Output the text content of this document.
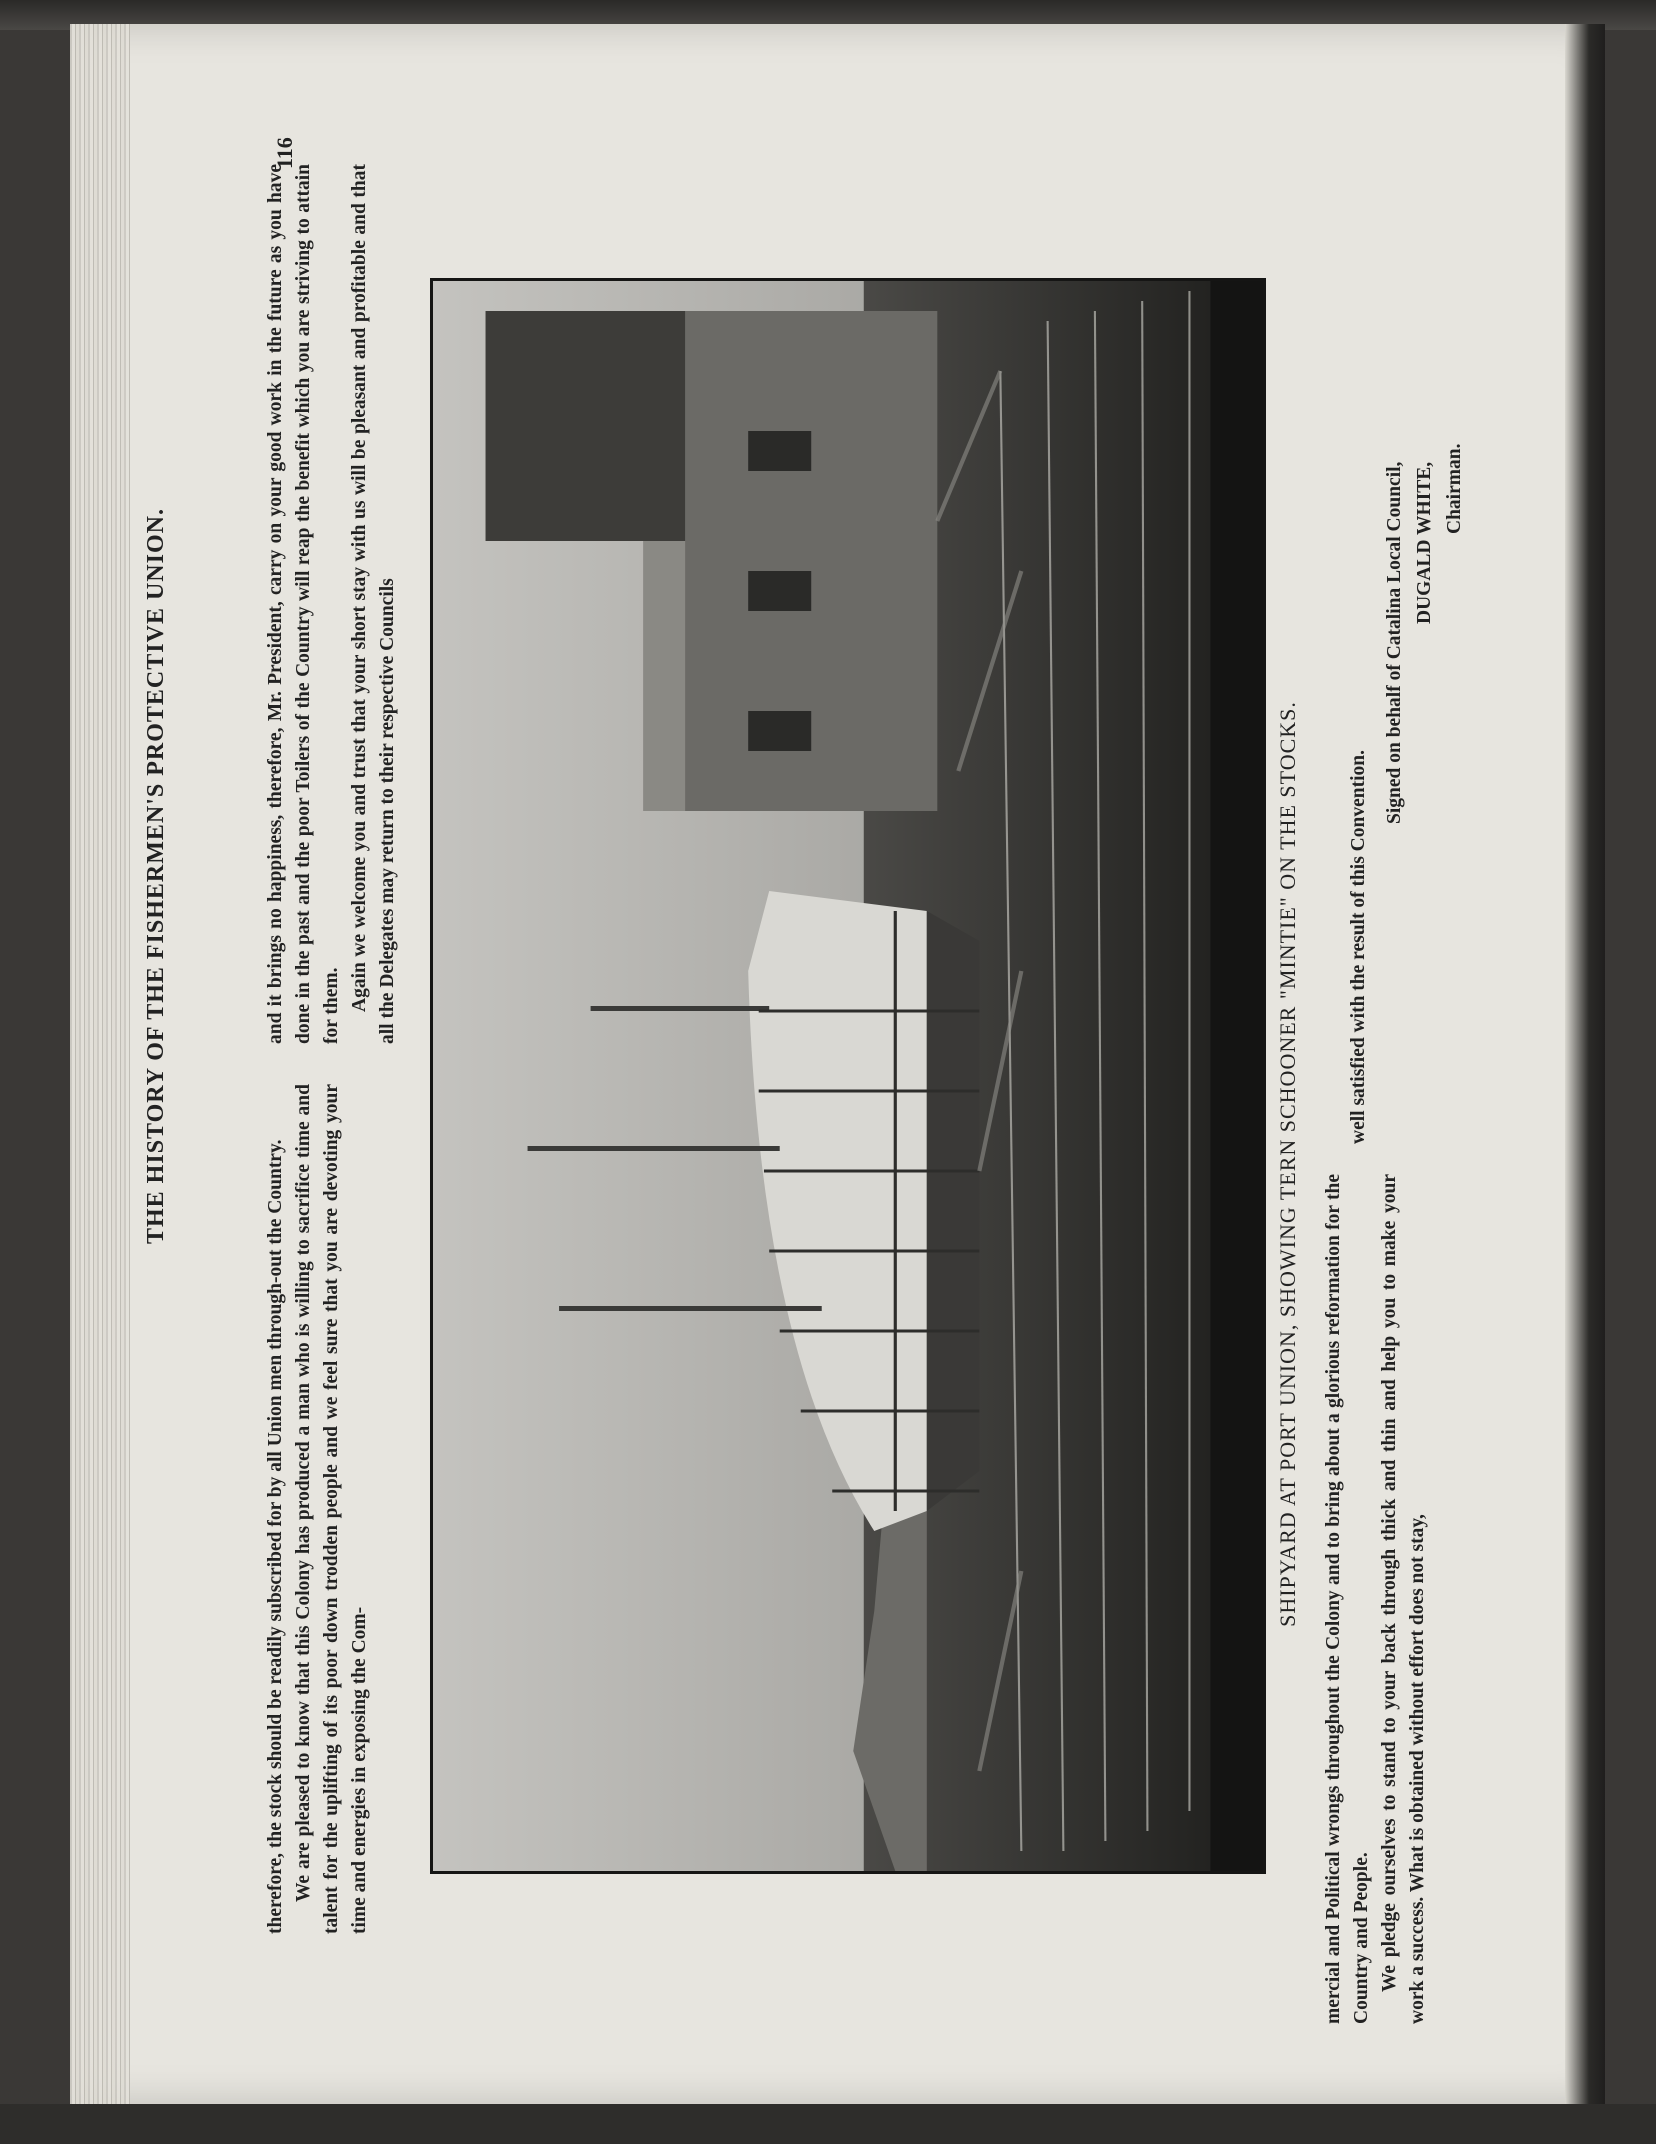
116
THE HISTORY OF THE FISHERMEN'S PROTECTIVE UNION.

therefore, the stock should be readily subscribed for by all Union men through-out the Country. We are pleased to know that this Colony has produced a man who is willing to sacrifice time and talent for the uplifting of its poor down trodden people and we feel sure that you are devoting your time and energies in exposing the Com-

and it brings no happiness, therefore, Mr. President, carry on your good work in the future as you have done in the past and the poor Toilers of the Country will reap the benefit which you are striving to attain for them. Again we welcome you and trust that your short stay with us will be pleasant and profitable and that all the Delegates may return to their respective Councils	SHIPYARD AT PORT UNION, SHOWING TERN SCHOONER "MINTIE" ON THE STOCKS. mercial and Political wrongs throughout the Colony and to bring about a glorious reformation for the Country and People. We pledge ourselves to stand to your back through thick and thin and help you to make your work a success. What is obtained without effort does not stay,

well satisfied with the result of this Convention.

Signed on behalf of Catalina Local Council, DUGALD WHITE, Chairman.
